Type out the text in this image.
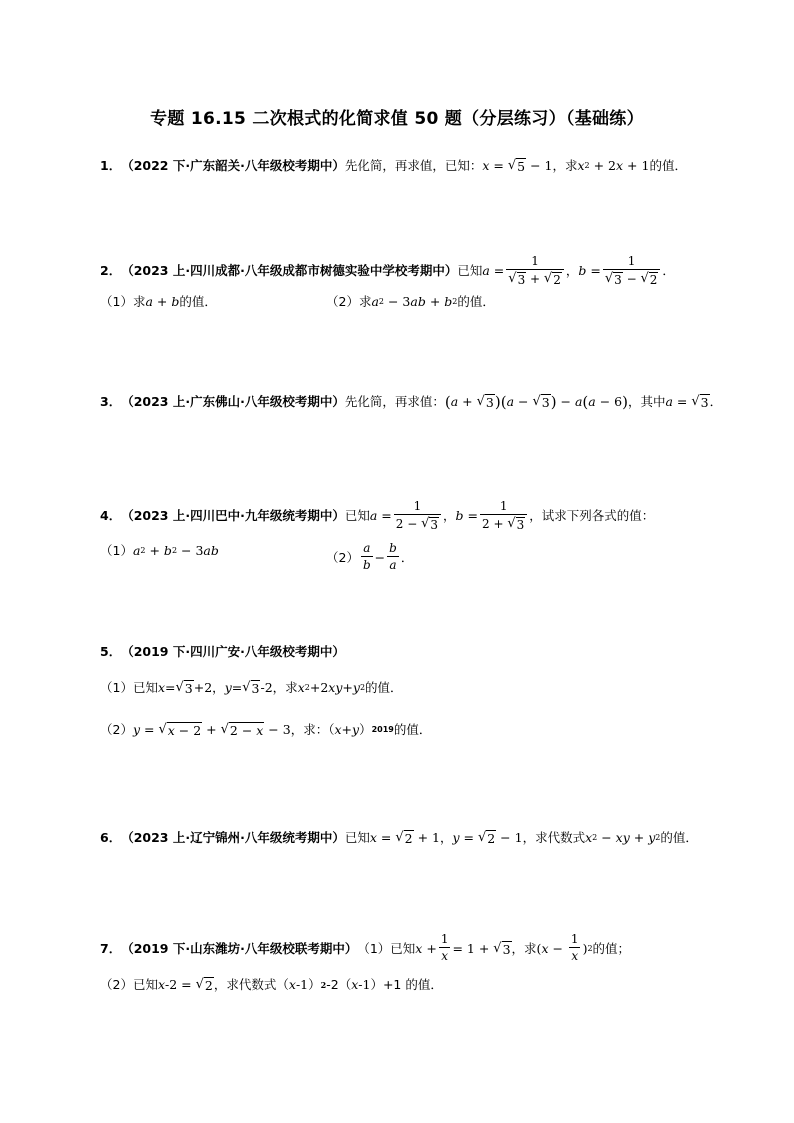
专题 16.15 二次根式的化简求值 50 题（分层练习）（基础练）
1． （2022 下·广东韶关·八年级校考期中） 先化简，再求值，已知： x = √ 5 − 1 ，求 x 2 + 2 x + 1 的值．
2． （2023 上·四川成都·八年级成都市树德实验中学校考期中） 已知 $a = \frac{1}{√ 3 + √ 2}$ ， $b = \frac{1}{√ 3 - √ 2}$ ．
（1）求 a + b 的值．	（2）求 a 2 − 3 ab + b 2 的值．
3． （2023 上·广东佛山·八年级校考期中） 先化简，再求值： ( a + √ 3 )( a − √ 3 ) − a ( a − 6 ) ，其中 a = √ 3 ．
4． （2023 上·四川巴中·九年级统考期中） 已知 $a = \frac{1}{2 - √ 3}$ ， $b = \frac{1}{2 + √ 3}$ ，试求下列各式的值：
（1） a 2 + b 2 − 3 ab	$(2) \frac{a}{b} - \frac{b}{a}$ ．
5． （2019 下·四川广安·八年级校考期中）
（1）已知 x = √ 3 +2， y = √ 3 -2 ，求 x 2 +2 xy + y 2 的值．
（2） y = √ x − 2 + √ 2 − x − 3 ，求：（ x + y ） 2019 的值．
6． （2023 上·辽宁锦州·八年级统考期中） 已知 x = √ 2 + 1， y = √ 2 − 1 ，求代数式 x 2 − xy + y 2 的值．
7． （2019 下·山东潍坊·八年级校联考期中） （1）已知 $x + \frac{1}{x} = 1$ + √ 3 ，求 ( $x - \frac{1}{x}$ ) 2 的值；
（2）已知 x -2 = √ 2 ，求代数式（ x -1 ） 2 -2（ x -1 ）+1 的值．
